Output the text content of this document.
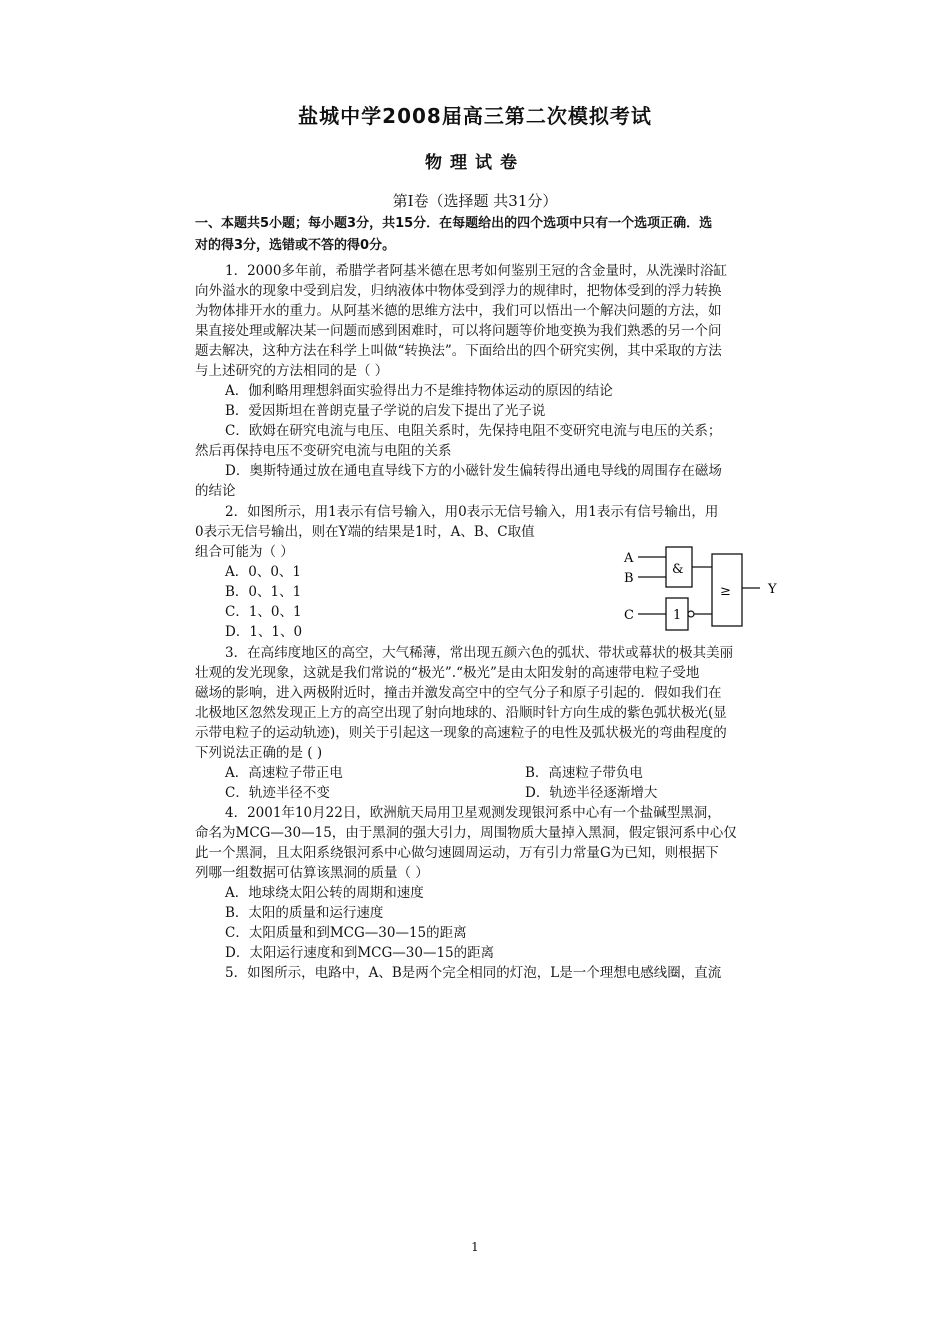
盐城中学2008届高三第二次模拟考试
物理试卷
第Ⅰ卷（选择题 共31分）
一、本题共5小题；每小题3分，共15分．在每题给出的四个选项中只有一个选项正确．选
对的得3分，选错或不答的得0分。
1．2000多年前，希腊学者阿基米德在思考如何鉴别王冠的含金量时，从洗澡时浴缸
向外溢水的现象中受到启发，归纳液体中物体受到浮力的规律时，把物体受到的浮力转换
为物体排开水的重力。从阿基米德的思维方法中，我们可以悟出一个解决问题的方法，如
果直接处理或解决某一问题而感到困难时，可以将问题等价地变换为我们熟悉的另一个问
题去解决，这种方法在科学上叫做“转换法”。下面给出的四个研究实例，其中采取的方法
与上述研究的方法相同的是（ ）
A．伽利略用理想斜面实验得出力不是维持物体运动的原因的结论
B．爱因斯坦在普朗克量子学说的启发下提出了光子说
C．欧姆在研究电流与电压、电阻关系时，先保持电阻不变研究电流与电压的关系；
然后再保持电压不变研究电流与电阻的关系
D．奥斯特通过放在通电直导线下方的小磁针发生偏转得出通电导线的周围存在磁场
的结论
2．如图所示，用1表示有信号输入，用0表示无信号输入，用1表示有信号输出，用
0表示无信号输出，则在Y端的结果是1时，A、B、C取值
组合可能为（ ）
A．0、0、1
B．0、1、1
C．1、0、1
D．1、1、0
A
B
C
&
1
≥	Y
3．在高纬度地区的高空，大气稀薄，常出现五颜六色的弧状、带状或幕状的极其美丽
壮观的发光现象，这就是我们常说的“极光”.“极光”是由太阳发射的高速带电粒子受地
磁场的影响，进入两极附近时，撞击并激发高空中的空气分子和原子引起的．假如我们在
北极地区忽然发现正上方的高空出现了射向地球的、沿顺时针方向生成的紫色弧状极光(显
示带电粒子的运动轨迹)，则关于引起这一现象的高速粒子的电性及弧状极光的弯曲程度的
下列说法正确的是 ( )
A．高速粒子带正电	B．高速粒子带负电
C．轨迹半径不变	D．轨迹半径逐渐增大
4．2001年10月22日，欧洲航天局用卫星观测发现银河系中心有一个盐碱型黑洞，
命名为MCG—30—15，由于黑洞的强大引力，周围物质大量掉入黑洞，假定银河系中心仅
此一个黑洞，且太阳系绕银河系中心做匀速圆周运动，万有引力常量G为已知，则根据下
列哪一组数据可估算该黑洞的质量（ ）
A．地球绕太阳公转的周期和速度
B．太阳的质量和运行速度
C．太阳质量和到MCG—30—15的距离
D．太阳运行速度和到MCG—30—15的距离
5．如图所示，电路中，A、B是两个完全相同的灯泡，L是一个理想电感线圈，直流
1
